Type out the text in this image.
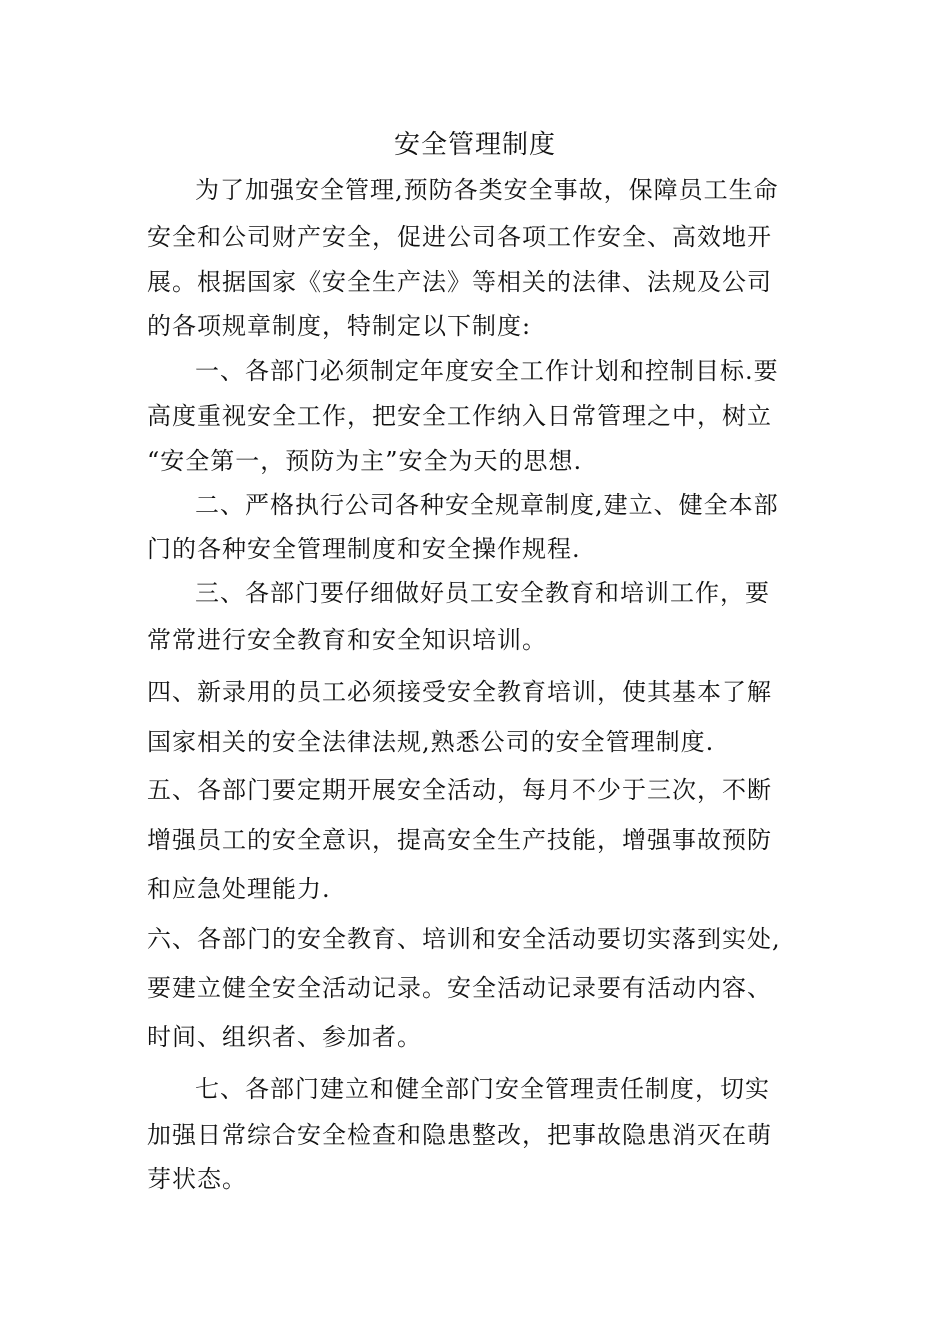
安全管理制度
为了加强安全管理,预防各类安全事故，保障员工生命
安全和公司财产安全，促进公司各项工作安全、高效地开
展。根据国家《安全生产法》等相关的法律、法规及公司
的各项规章制度，特制定以下制度:
一、各部门必须制定年度安全工作计划和控制目标.要
高度重视安全工作，把安全工作纳入日常管理之中，树立
“安全第一，预防为主”安全为天的思想.
二、严格执行公司各种安全规章制度,建立、健全本部
门的各种安全管理制度和安全操作规程.
三、各部门要仔细做好员工安全教育和培训工作，要
常常进行安全教育和安全知识培训。
四、新录用的员工必须接受安全教育培训，使其基本了解
国家相关的安全法律法规,熟悉公司的安全管理制度.
五、各部门要定期开展安全活动，每月不少于三次，不断
增强员工的安全意识，提高安全生产技能，增强事故预防
和应急处理能力.
六、各部门的安全教育、培训和安全活动要切实落到实处,
要建立健全安全活动记录。安全活动记录要有活动内容、
时间、组织者、参加者。
七、各部门建立和健全部门安全管理责任制度，切实
加强日常综合安全检查和隐患整改，把事故隐患消灭在萌
芽状态。
